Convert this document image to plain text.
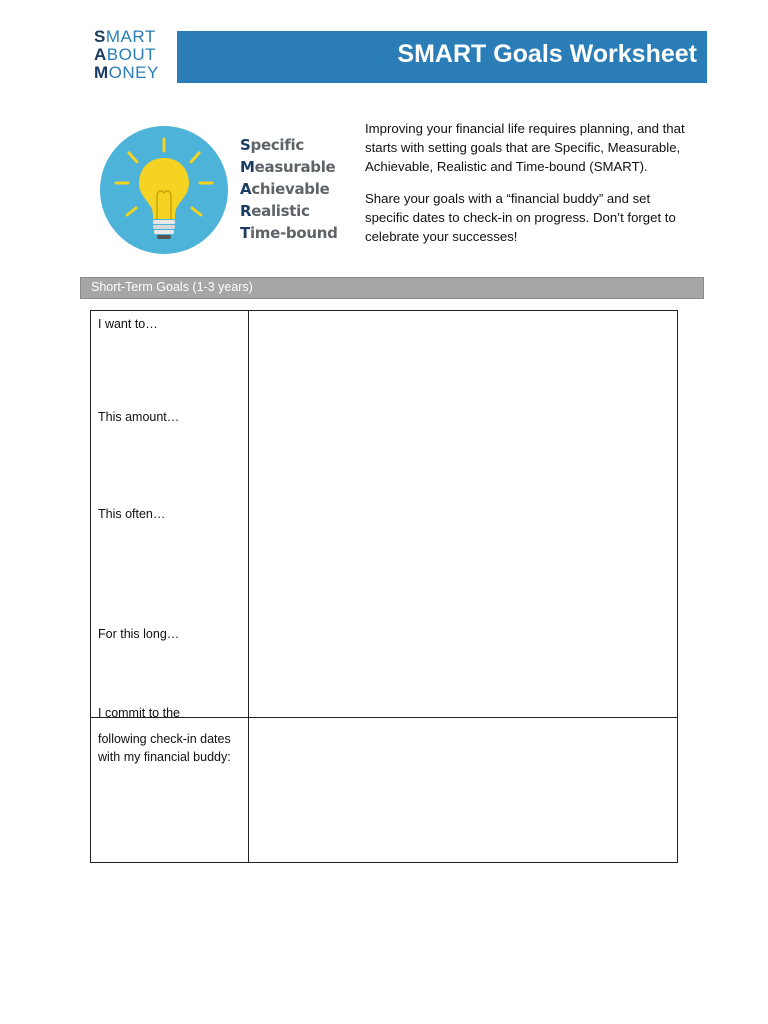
SMART
ABOUT
MONEY
SMART Goals Worksheet
Specific
Measurable
Achievable
Realistic
Time-bound

Improving your financial life requires planning, and that starts with setting goals that are Specific, Measurable, Achievable, Realistic and Time-bound (SMART).

Share your goals with a “financial buddy” and set specific dates to check-in on progress. Don’t forget to celebrate your successes!

Short-Term Goals (1-3 years)
I want to…
This amount…
This often…
For this long…
I commit to the
following check-in dates with my financial buddy:
